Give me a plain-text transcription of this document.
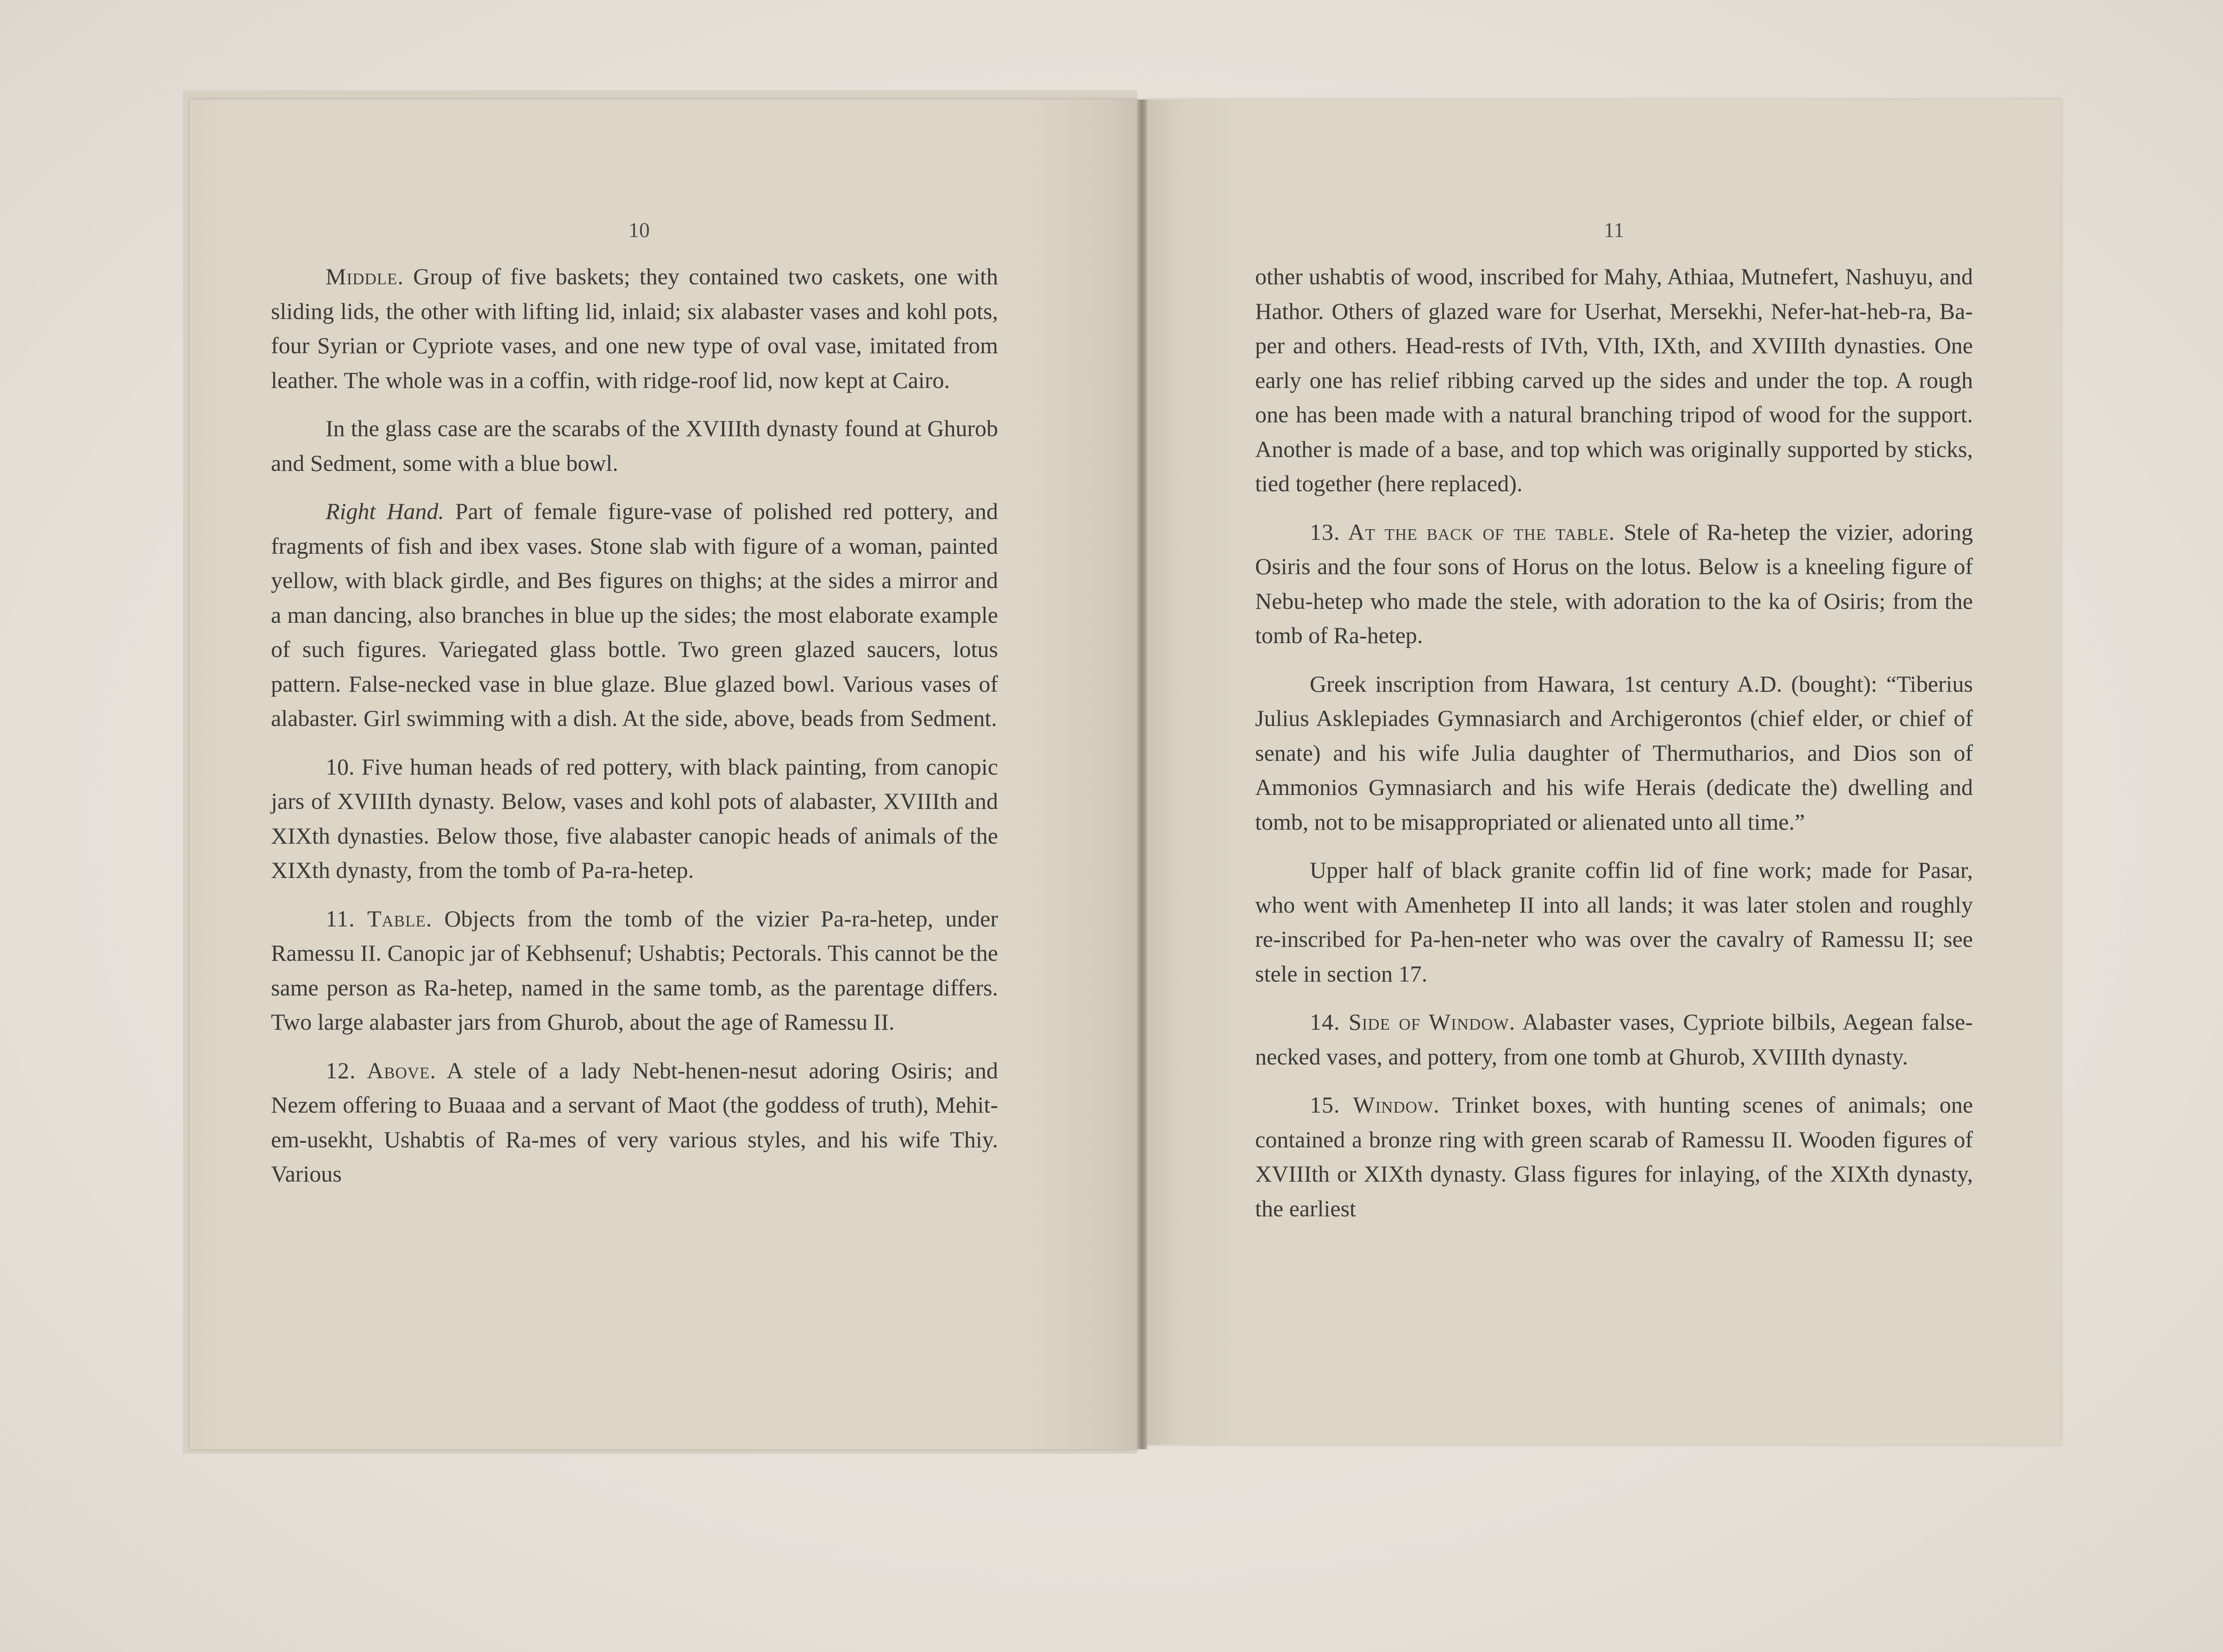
10	11

Middle. Group of five baskets; they contained two caskets, one with sliding lids, the other with lifting lid, inlaid; six alabaster vases and kohl pots, four Syrian or Cypriote vases, and one new type of oval vase, imitated from leather. The whole was in a coffin, with ridge-roof lid, now kept at Cairo.

In the glass case are the scarabs of the XVIIIth dynasty found at Ghurob and Sedment, some with a blue bowl.

Right Hand. Part of female figure-vase of polished red pottery, and fragments of fish and ibex vases. Stone slab with figure of a woman, painted yellow, with black girdle, and Bes figures on thighs; at the sides a mirror and a man dancing, also branches in blue up the sides; the most elaborate example of such figures. Variegated glass bottle. Two green glazed saucers, lotus pattern. False-necked vase in blue glaze. Blue glazed bowl. Various vases of alabaster. Girl swimming with a dish. At the side, above, beads from Sedment.

10. Five human heads of red pottery, with black painting, from canopic jars of XVIIIth dynasty. Below, vases and kohl pots of alabaster, XVIIIth and XIXth dynasties. Below those, five alabaster canopic heads of animals of the XIXth dynasty, from the tomb of Pa-ra-hetep.

11. Table. Objects from the tomb of the vizier Pa-ra-hetep, under Ramessu II. Canopic jar of Kebhsenuf; Ushabtis; Pectorals. This cannot be the same person as Ra-hetep, named in the same tomb, as the parentage differs. Two large alabaster jars from Ghurob, about the age of Ramessu II.

12. Above. A stele of a lady Nebt-henen-nesut adoring Osiris; and Nezem offering to Buaaa and a servant of Maot (the goddess of truth), Mehit-em-usekht, Ushabtis of Ra-mes of very various styles, and his wife Thiy. Various

other ushabtis of wood, inscribed for Mahy, Athiaa, Mutnefert, Nashuyu, and Hathor. Others of glazed ware for Userhat, Mersekhi, Nefer-hat-heb-ra, Ba-per and others. Head-rests of IVth, VIth, IXth, and XVIIIth dynasties. One early one has relief ribbing carved up the sides and under the top. A rough one has been made with a natural branching tripod of wood for the support. Another is made of a base, and top which was originally supported by sticks, tied together (here replaced).

13. At the back of the table. Stele of Ra-hetep the vizier, adoring Osiris and the four sons of Horus on the lotus. Below is a kneeling figure of Nebu-hetep who made the stele, with adoration to the ka of Osiris; from the tomb of Ra-hetep.

Greek inscription from Hawara, 1st century A.D. (bought): “Tiberius Julius Asklepiades Gymnasiarch and Archigerontos (chief elder, or chief of senate) and his wife Julia daughter of Thermutharios, and Dios son of Ammonios Gymnasiarch and his wife Herais (dedicate the) dwelling and tomb, not to be misappropriated or alienated unto all time.”

Upper half of black granite coffin lid of fine work; made for Pasar, who went with Amenhetep II into all lands; it was later stolen and roughly re-inscribed for Pa-hen-neter who was over the cavalry of Ramessu II; see stele in section 17.

14. Side of Window. Alabaster vases, Cypriote bilbils, Aegean false-necked vases, and pottery, from one tomb at Ghurob, XVIIIth dynasty.

15. Window. Trinket boxes, with hunting scenes of animals; one contained a bronze ring with green scarab of Ramessu II. Wooden figures of XVIIIth or XIXth dynasty. Glass figures for inlaying, of the XIXth dynasty, the earliest
